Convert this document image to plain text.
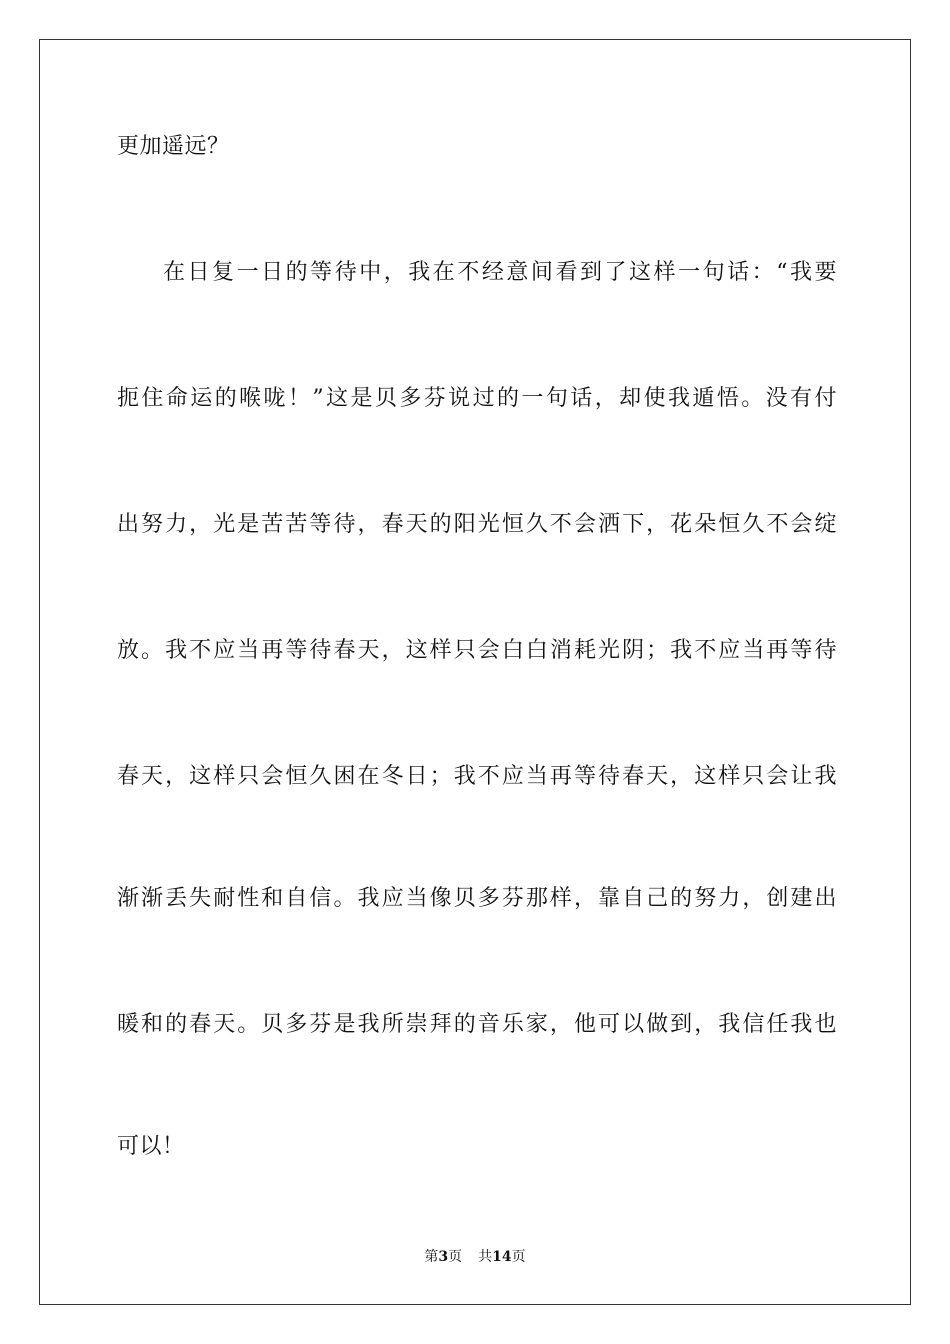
更加遥远？
在日复一日的等待中，我在不经意间看到了这样一句话：“我要
扼住命运的喉咙！”这是贝多芬说过的一句话，却使我遁悟。没有付
出努力，光是苦苦等待，春天的阳光恒久不会洒下，花朵恒久不会绽
放。我不应当再等待春天，这样只会白白消耗光阴；我不应当再等待
春天，这样只会恒久困在冬日；我不应当再等待春天，这样只会让我
渐渐丢失耐性和自信。我应当像贝多芬那样，靠自己的努力，创建出
暖和的春天。贝多芬是我所崇拜的音乐家，他可以做到，我信任我也
可以！
第3页 共14页
